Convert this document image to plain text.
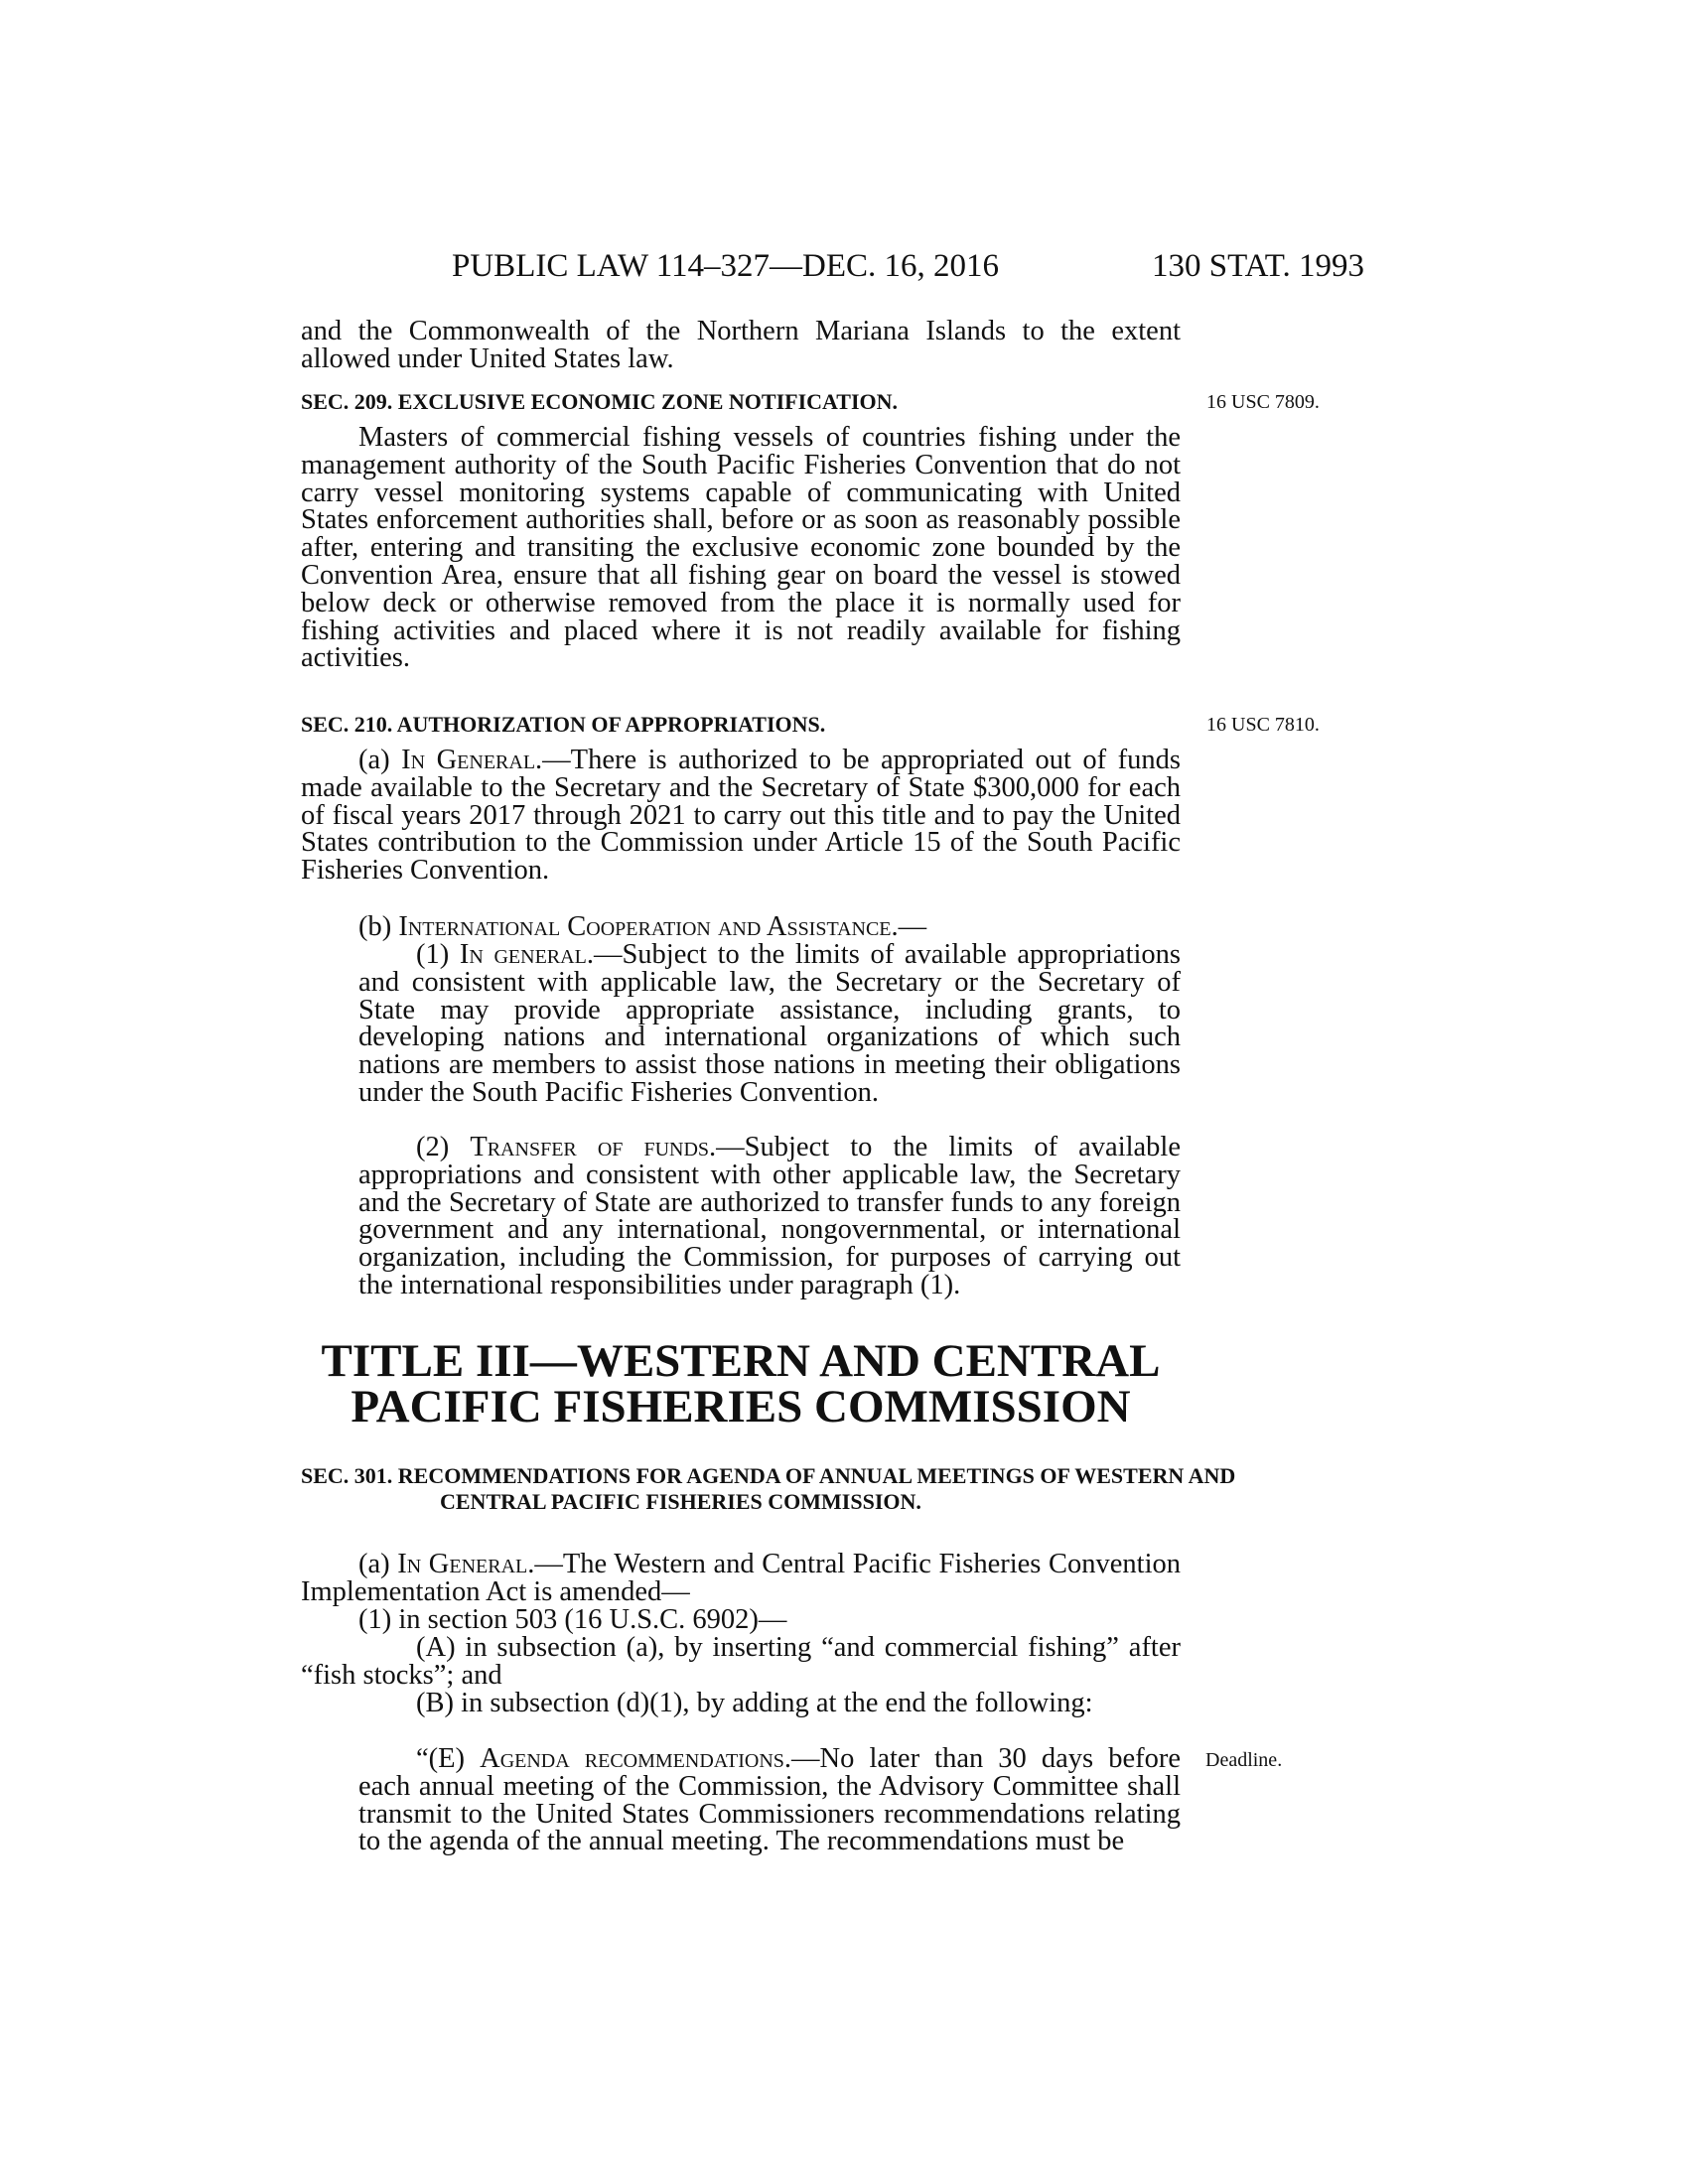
PUBLIC LAW 114–327—DEC. 16, 2016	130 STAT. 1993
and the Commonwealth of the Northern Mariana Islands to the extent allowed under United States law.
SEC. 209. EXCLUSIVE ECONOMIC ZONE NOTIFICATION.	16 USC 7809.
Masters of commercial fishing vessels of countries fishing under the management authority of the South Pacific Fisheries Convention that do not carry vessel monitoring systems capable of communicating with United States enforcement authorities shall, before or as soon as reasonably possible after, entering and transiting the exclusive economic zone bounded by the Convention Area, ensure that all fishing gear on board the vessel is stowed below deck or otherwise removed from the place it is normally used for fishing activities and placed where it is not readily available for fishing activities.
SEC. 210. AUTHORIZATION OF APPROPRIATIONS.	16 USC 7810.
(a) In General.—There is authorized to be appropriated out of funds made available to the Secretary and the Secretary of State $300,000 for each of fiscal years 2017 through 2021 to carry out this title and to pay the United States contribution to the Commission under Article 15 of the South Pacific Fisheries Convention.
(b) International Cooperation and Assistance.—
(1) In general.—Subject to the limits of available appropriations and consistent with applicable law, the Secretary or the Secretary of State may provide appropriate assistance, including grants, to developing nations and international organizations of which such nations are members to assist those nations in meeting their obligations under the South Pacific Fisheries Convention.
(2) Transfer of funds.—Subject to the limits of available appropriations and consistent with other applicable law, the Secretary and the Secretary of State are authorized to transfer funds to any foreign government and any international, nongovernmental, or international organization, including the Commission, for purposes of carrying out the international responsibilities under paragraph (1).
TITLE III—WESTERN AND CENTRAL
PACIFIC FISHERIES COMMISSION
SEC. 301. RECOMMENDATIONS FOR AGENDA OF ANNUAL MEETINGS OF WESTERN AND CENTRAL PACIFIC FISHERIES COMMISSION.
(a) In General.—The Western and Central Pacific Fisheries Convention Implementation Act is amended—
(1) in section 503 (16 U.S.C. 6902)—
(A) in subsection (a), by inserting “and commercial fishing” after “fish stocks”; and
(B) in subsection (d)(1), by adding at the end the following:
“(E) Agenda recommendations.—No later than 30 days before each annual meeting of the Commission, the Advisory Committee shall transmit to the United States Commissioners recommendations relating to the agenda of the annual meeting. The recommendations must be
Deadline.
